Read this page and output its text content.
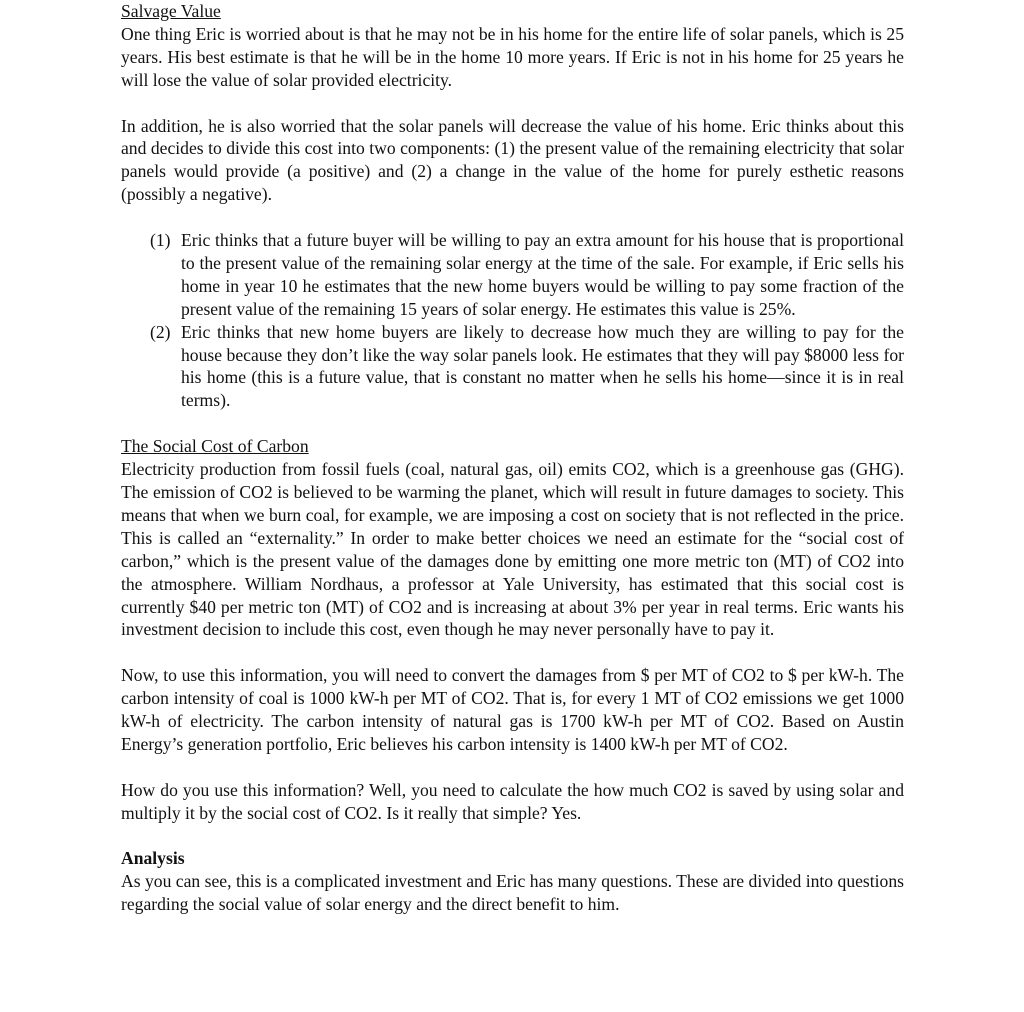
Salvage Value

One thing Eric is worried about is that he may not be in his home for the entire life of solar panels, which is 25 years. His best estimate is that he will be in the home 10 more years. If Eric is not in his home for 25 years he will lose the value of solar provided electricity.

In addition, he is also worried that the solar panels will decrease the value of his home. Eric thinks about this and decides to divide this cost into two components: (1) the present value of the remaining electricity that solar panels would provide (a positive) and (2) a change in the value of the home for purely esthetic reasons (possibly a negative).

(1) Eric thinks that a future buyer will be willing to pay an extra amount for his house that is proportional to the present value of the remaining solar energy at the time of the sale. For example, if Eric sells his home in year 10 he estimates that the new home buyers would be willing to pay some fraction of the present value of the remaining 15 years of solar energy. He estimates this value is 25%.
(2) Eric thinks that new home buyers are likely to decrease how much they are willing to pay for the house because they don’t like the way solar panels look. He estimates that they will pay $8000 less for his home (this is a future value, that is constant no matter when he sells his home—since it is in real terms).
The Social Cost of Carbon

Electricity production from fossil fuels (coal, natural gas, oil) emits CO2, which is a greenhouse gas (GHG). The emission of CO2 is believed to be warming the planet, which will result in future damages to society. This means that when we burn coal, for example, we are imposing a cost on society that is not reflected in the price. This is called an “externality.” In order to make better choices we need an estimate for the “social cost of carbon,” which is the present value of the damages done by emitting one more metric ton (MT) of CO2 into the atmosphere. William Nordhaus, a professor at Yale University, has estimated that this social cost is currently $40 per metric ton (MT) of CO2 and is increasing at about 3% per year in real terms. Eric wants his investment decision to include this cost, even though he may never personally have to pay it.

Now, to use this information, you will need to convert the damages from $ per MT of CO2 to $ per kW-h. The carbon intensity of coal is 1000 kW-h per MT of CO2. That is, for every 1 MT of CO2 emissions we get 1000 kW-h of electricity. The carbon intensity of natural gas is 1700 kW-h per MT of CO2. Based on Austin Energy’s generation portfolio, Eric believes his carbon intensity is 1400 kW-h per MT of CO2.

How do you use this information? Well, you need to calculate the how much CO2 is saved by using solar and multiply it by the social cost of CO2. Is it really that simple? Yes.

Analysis

As you can see, this is a complicated investment and Eric has many questions. These are divided into questions regarding the social value of solar energy and the direct benefit to him.
